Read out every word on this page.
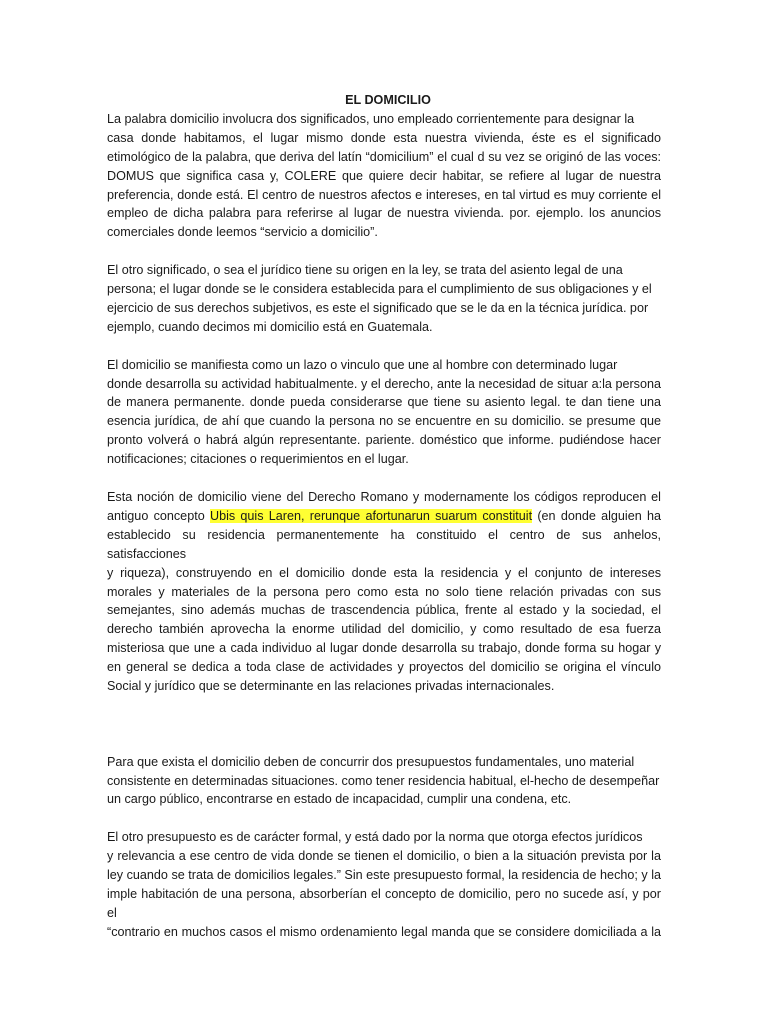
EL DOMICILIO

La palabra domicilio involucra dos significados, uno empleado corrientemente para designar la
casa donde habitamos, el lugar mismo donde esta nuestra vivienda, éste es el significado
etimológico de la palabra, que deriva del latín “domicilium” el cual d su vez se originó de las voces:
DOMUS que significa casa y, COLERE que quiere decir habitar, se refiere al lugar de nuestra
preferencia, donde está. El centro de nuestros afectos e intereses, en tal virtud es muy corriente el
empleo de dicha palabra para referirse al lugar de nuestra vivienda. por. ejemplo. los anuncios
comerciales donde leemos “servicio a domicilio”.
El otro significado, o sea el jurídico tiene su origen en la ley, se trata del asiento legal de una
persona; el lugar donde se le considera establecida para el cumplimiento de sus obligaciones y el
ejercicio de sus derechos subjetivos, es este el significado que se le da en la técnica jurídica. por
ejemplo, cuando decimos mi domicilio está en Guatemala.
El domicilio se manifiesta como un lazo o vinculo que une al hombre con determinado lugar
donde desarrolla su actividad habitualmente. y el derecho, ante la necesidad de situar a:la persona
de manera permanente. donde pueda considerarse que tiene su asiento legal. te dan tiene una
esencia jurídica, de ahí que cuando la persona no se encuentre en su domicilio. se presume que
pronto volverá o habrá algún representante. pariente. doméstico que informe. pudiéndose hacer
notificaciones; citaciones o requerimientos en el lugar.
Esta noción de domicilio viene del Derecho Romano y modernamente los códigos reproducen el
antiguo concepto Ubis quis Laren, rerunque afortunarun suarum constituit (en donde alguien ha
establecido su residencia permanentemente ha constituido el centro de sus anhelos, satisfacciones
y riqueza), construyendo en el domicilio donde esta la residencia y el conjunto de intereses
morales y materiales de la persona pero como esta no solo tiene relación privadas con sus
semejantes, sino además muchas de trascendencia pública, frente al estado y la sociedad, el
derecho también aprovecha la enorme utilidad del domicilio, y como resultado de esa fuerza
misteriosa que une a cada individuo al lugar donde desarrolla su trabajo, donde forma su hogar y
en general se dedica a toda clase de actividades y proyectos del domicilio se origina el vínculo
Social y jurídico que se determinante en las relaciones privadas internacionales.
Para que exista el domicilio deben de concurrir dos presupuestos fundamentales, uno material
consistente en determinadas situaciones. como tener residencia habitual, el-hecho de desempeñar
un cargo público, encontrarse en estado de incapacidad, cumplir una condena, etc.
El otro presupuesto es de carácter formal, y está dado por la norma que otorga efectos jurídicos
y relevancia a ese centro de vida donde se tienen el domicilio, o bien a la situación prevista por la
ley cuando se trata de domicilios legales.” Sin este presupuesto formal, la residencia de hecho; y la
imple habitación de una persona, absorberían el concepto de domicilio, pero no sucede así, y por
el
“contrario en muchos casos el mismo ordenamiento legal manda que se considere domiciliada a la
